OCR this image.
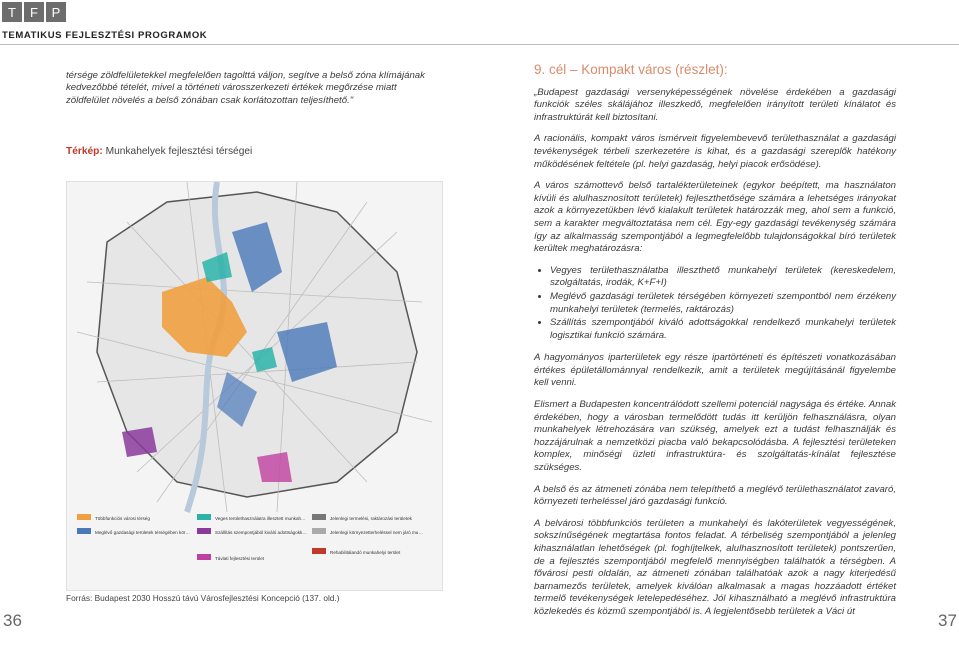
T	F	P
TEMATIKUS FEJLESZTÉSI PROGRAMOK

térsége zöldfelületekkel megfelelően tagolttá váljon, segítve a belső zóna klímájának kedvezőbbé tételét, mivel a történeti városszerkezeti értékek megőrzése miatt zöldfelület növelés a belső zónában csak korlátozottan teljesíthető."

Térkép: Munkahelyek fejlesztési térségei
Többfunkciós városi térség
Meglévő gazdasági területek térségében kör…
Veges területhasználatra illesztett munkah…
Szállítás szempontjából kiváló adottságokk…
Távlati fejlesztési terület
Jelenlegi termelési, raktározási területek
Jelenlegi környezetterheléssel nem járó mu…
Rehabilitálandó munkahelyi terület
Forrás: Budapest 2030 Hosszú távú Városfejlesztési Koncepció (137. old.)
36	37
9. cél – Kompakt város (részlet):

„Budapest gazdasági versenyképességének növelése érdekében a gazdasági funkciók széles skálájához illeszkedő, megfelelően irányított területi kínálatot és infrastruktúrát kell biztosítani.

A racionális, kompakt város ismérveit figyelembevevő területhasználat a gazdasági tevékenységek térbeli szerkezetére is kihat, és a gazdasági szereplők hatékony működésének feltétele (pl. helyi gazdaság, helyi piacok erősödése).

A város számottevő belső tartalékterületeinek (egykor beépített, ma használaton kívüli és alulhasznosított területek) fejleszthetősége számára a lehetséges irányokat azok a környezetükben lévő kialakult területek határozzák meg, ahol sem a funkció, sem a karakter megváltoztatása nem cél. Egy-egy gazdasági tevékenység számára így az alkalmasság szempontjából a legmegfelelőbb tulajdonságokkal bíró területek kerültek meghatározásra:

• Vegyes területhasználatba illeszthető munkahelyi területek (kereskedelem, szolgáltatás, irodák, K+F+I)
• Meglévő gazdasági területek térségében környezeti szempontból nem érzékeny munkahelyi területek (termelés, raktározás)
• Szállítás szempontjából kiváló adottságokkal rendelkező munkahelyi területek logisztikai funkció számára.

A hagyományos iparterületek egy része ipartörténeti és építészeti vonatkozásában értékes épületállománnyal rendelkezik, amit a területek megújításánál figyelembe kell venni.

Elismert a Budapesten koncentrálódott szellemi potenciál nagysága és értéke. Annak érdekében, hogy a városban termelődött tudás itt kerüljön felhasználásra, olyan munkahelyek létrehozására van szükség, amelyek ezt a tudást felhasználják és hozzájárulnak a nemzetközi piacba való bekapcsolódásba. A fejlesztési területeken komplex, minőségi üzleti infrastruktúra- és szolgáltatás-kínálat fejlesztése szükséges.

A belső és az átmeneti zónába nem telepíthető a meglévő területhasználatot zavaró, környezeti terheléssel járó gazdasági funkció.

A belvárosi többfunkciós területen a munkahelyi és lakóterületek vegyességének, sokszínűségének megtartása fontos feladat. A térbeliség szempontjából a jelenleg kihasználatlan lehetőségek (pl. foghíjtelkek, alulhasznosított területek) pontszerűen, de a fejlesztés szempontjából megfelelő mennyiségben találhatók a térségben. A fővárosi pesti oldalán, az átmeneti zónában találhatóak azok a nagy kiterjedésű barnamezős területek, amelyek kiválóan alkalmasak a magas hozzáadott értéket termelő tevékenységek letelepedéséhez. Jól kihasználható a meglévő infrastruktúra közlekedés és közmű szempontjából is. A legjelentősebb területek a Váci út
